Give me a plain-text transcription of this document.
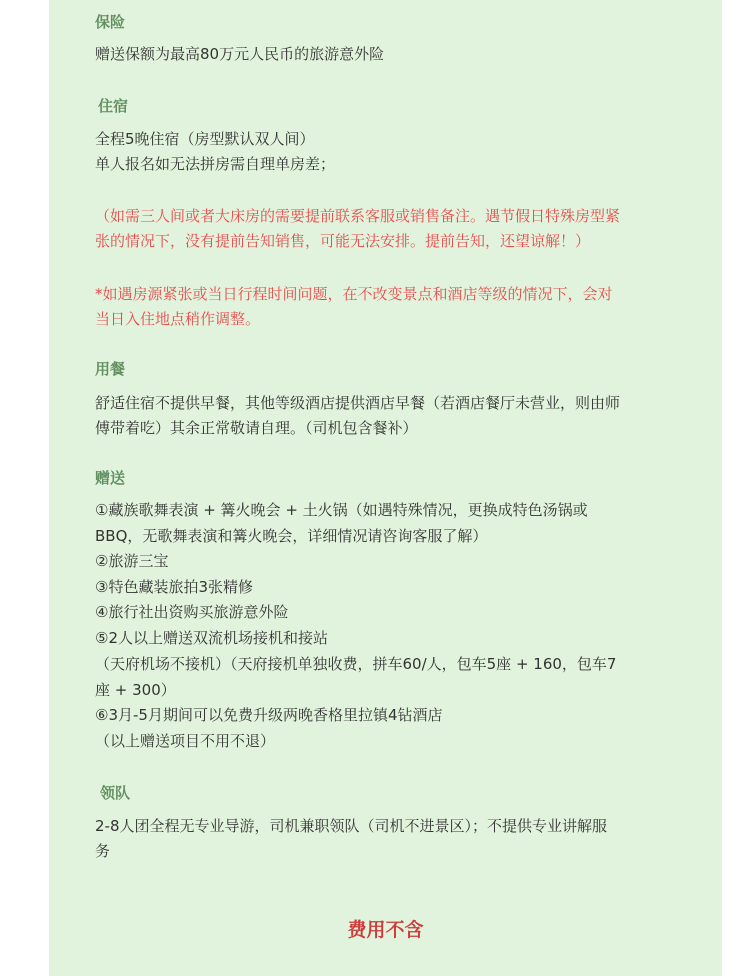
保险
赠送保额为最高80万元人民币的旅游意外险
住宿
全程5晚住宿（房型默认双人间）
单人报名如无法拼房需自理单房差；
（如需三人间或者大床房的需要提前联系客服或销售备注。遇节假日特殊房型紧
张的情况下，没有提前告知销售，可能无法安排。提前告知，还望谅解！）
*如遇房源紧张或当日行程时间问题，在不改变景点和酒店等级的情况下，会对
当日入住地点稍作调整。
用餐
舒适住宿不提供早餐，其他等级酒店提供酒店早餐（若酒店餐厅未营业，则由师
傅带着吃）其余正常敬请自理。（司机包含餐补）
赠送
①藏族歌舞表演 + 篝火晚会 + 土火锅（如遇特殊情况，更换成特色汤锅或
BBQ，无歌舞表演和篝火晚会，详细情况请咨询客服了解）
②旅游三宝
③特色藏装旅拍3张精修
④旅行社出资购买旅游意外险
⑤2人以上赠送双流机场接机和接站
（天府机场不接机）（天府接机单独收费，拼车60/人，包车5座 + 160，包车7
座 + 300）
⑥3月-5月期间可以免费升级两晚香格里拉镇4钻酒店
（以上赠送项目不用不退）
领队
2-8人团全程无专业导游，司机兼职领队（司机不进景区）；不提供专业讲解服
务
费用不含
